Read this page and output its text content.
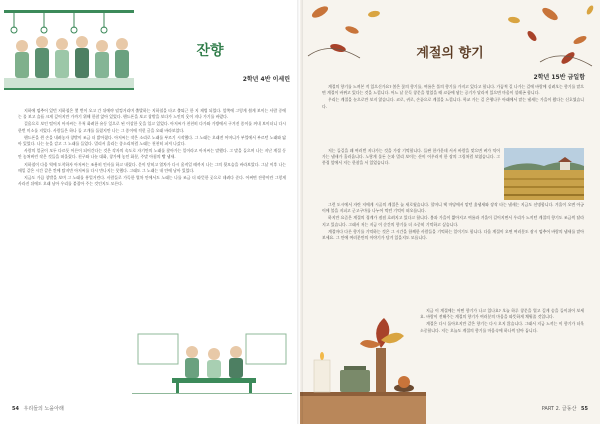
잔향
2학년 4반 이세린

지하에 멈추어 있던 지하철은 몇 번이 오고 간 뒤에야 덜컹거리며 출발하는 지하철을 타고 출퇴근 한 지 제법 되었다. 앞쪽에 그렇게 쉽게 보이는 사람 중에는 물 보고 슬픔 크게 깊어지만 가까기 위해 한참 앉아 있었다. 핸드폰을 보고 창밖을 보다가 노인의 옷이 지나 가기를 바랐다.

걸음으로 보인 떨어지 아저씨는 무척 화려한 유동 잎으로 된 이상한 옷을 입고 있었다. 아저씨가 천천히 다가와 가방에서 구겨진 종이를 꺼내 보이더니 다시 한번 미소를 지었다. 사람들은 하나 둘 고개를 돌렸지만 나는 그 종이에 적힌 글을 오래 바라보았다.

핸드폰을 쥔 손을 내려놓자 창밖이 조금 더 밝아졌다. 아저씨는 작은 소리로 노래를 부르기 시작했다. 그 노래는 오래전 어머니가 부엌에서 부르던 노래와 닮아 있었다. 나는 눈을 감고 그 노래를 들었다. 멀리서 울리는 종소리처럼 노래는 천천히 퍼져 나갔다.

사람의 얼굴이 모두 다르듯 어른이 되어간다는 것은 각자의 속도로 자기만의 노래를 찾아가는 일이라고 아저씨는 말했다. 그 말을 들으며 나는 지난 계절 동안 놓쳐버린 작은 것들을 떠올렸다. 친구와 나눈 대화, 창가에 놓인 화분, 주말 아침의 빵 냄새.

지하철이 다음 역에 도착하자 아저씨는 조용히 인사를 하고 내렸다. 문이 닫히고 열차가 다시 움직일 때까지 나는 그의 뒷모습을 바라보았다. 그날 이후 나는 매일 같은 시간 같은 칸에 탔지만 아저씨를 다시 만나지는 못했다. 그래도 그 노래는 내 안에 남아 있었다.

지금도 가끔 창밖을 보며 그 노래를 흥얼거린다. 사람들로 가득한 열차 안에서도 노래는 나를 조금 더 따뜻한 곳으로 데려다 준다. 어쩌면 잔향이란 그렇게 사라진 뒤에도 오래 남아 우리를 붙잡아 주는 것인지도 모른다.

54 우리들의 노을아래
계절의 향기
2학년 15반 금일함

계절의 향기를 느껴본 적 있으신가요? 봄은 꽃의 향기를, 여름은 풀의 향기를 가지고 있다고 합니다. 가끔씩 길 나가는 길에 바람에 실려오는 향기를 맡으면 계절이 바뀌고 있다는 것을 느낍니다. 어느 날 문득 창문을 열었을 때 코끝에 닿는 공기가 달라져 있으면 마음이 설레곤 합니다.

우리는 계절을 눈으로만 보지 않습니다. 코로, 귀로, 손끝으로 계절을 느낍니다. 학교 가는 길 은행나무 아래에서 맡는 냄새는 가을이 왔다는 신호였습니다.

저는 들길을 꽤 여러번 지나가는 것을 가장 기억합니다. 들판 한가운데 서서 바람을 맞으면 벼가 익어가는 냄새가 흘러옵니다. 노랗게 물든 논과 멀리 보이는 산이 어우러져 한 장의 그림처럼 보였습니다. 그 풍경 앞에서 저는 한참을 서 있었습니다.

그런 도시에서 자란 저에게 시골의 계절은 늘 새로웠습니다. 할머니 댁 마당에서 맡던 흙냄새와 장작 타는 냄새는 지금도 선명합니다. 겨울이 오면 아궁이에 불을 지피고 군고구마를 나누어 먹던 기억이 떠오릅니다.

하지만 요즘은 계절의 경계가 점점 흐려지고 있다고 합니다. 봄과 가을이 짧아지고 여름과 겨울이 길어지면서 우리가 느끼던 계절의 향기도 조금씩 달라지고 있습니다. 그래서 저는 지금 이 순간의 향기를 더 소중히 기억하고 싶습니다.

계절마다 다른 향기를 기억하는 것은 그 시간을 함께한 사람들을 기억하는 일이기도 합니다. 다음 계절이 오면 여러분도 잠시 멈추어 바람의 냄새를 맡아 보세요. 그 안에 여러분만의 이야기가 담겨 있을지도 모릅니다.

지금 이 계절에는 어떤 향기가 나고 있나요? 오늘 하루 창문을 열고 깊게 숨을 들이쉬어 보세요. 바람이 전해주는 계절의 향기가 여러분의 마음을 따뜻하게 채워줄 것입니다.

계절은 다시 돌아오지만 같은 향기는 다시 오지 않습니다. 그래서 지금 느끼는 이 향기가 더욱 소중합니다. 저는 오늘도 계절의 향기를 마음속에 하나씩 담아 둡니다.

PART 2. 글동산 55
